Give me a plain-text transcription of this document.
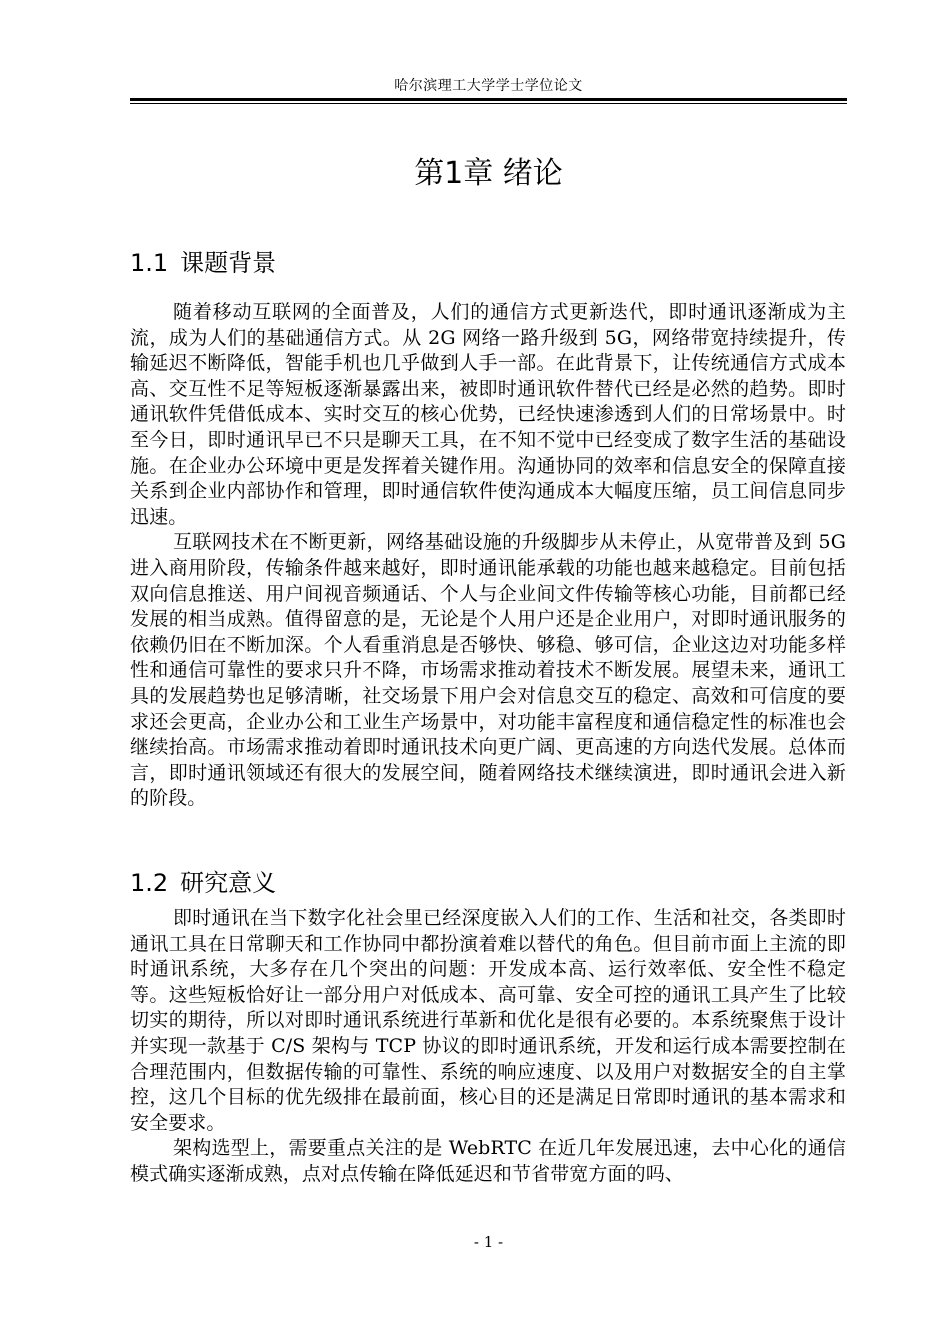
哈尔滨理工大学学士学位论文
第1章 绪论
1.1 课题背景

随着移动互联网的全面普及，人们的通信方式更新迭代，即时通讯逐渐成为主流，成为人们的基础通信方式。从 2G 网络一路升级到 5G，网络带宽持续提升，传输延迟不断降低，智能手机也几乎做到人手一部。在此背景下，让传统通信方式成本高、交互性不足等短板逐渐暴露出来，被即时通讯软件替代已经是必然的趋势。即时通讯软件凭借低成本、实时交互的核心优势，已经快速渗透到人们的日常场景中。时至今日，即时通讯早已不只是聊天工具，在不知不觉中已经变成了数字生活的基础设施。在企业办公环境中更是发挥着关键作用。沟通协同的效率和信息安全的保障直接关系到企业内部协作和管理，即时通信软件使沟通成本大幅度压缩，员工间信息同步迅速。

互联网技术在不断更新，网络基础设施的升级脚步从未停止，从宽带普及到 5G 进入商用阶段，传输条件越来越好，即时通讯能承载的功能也越来越稳定。目前包括双向信息推送、用户间视音频通话、个人与企业间文件传输等核心功能，目前都已经发展的相当成熟。值得留意的是，无论是个人用户还是企业用户，对即时通讯服务的依赖仍旧在不断加深。个人看重消息是否够快、够稳、够可信，企业这边对功能多样性和通信可靠性的要求只升不降，市场需求推动着技术不断发展。展望未来，通讯工具的发展趋势也足够清晰，社交场景下用户会对信息交互的稳定、高效和可信度的要求还会更高，企业办公和工业生产场景中，对功能丰富程度和通信稳定性的标准也会继续抬高。市场需求推动着即时通讯技术向更广阔、更高速的方向迭代发展。总体而言，即时通讯领域还有很大的发展空间，随着网络技术继续演进，即时通讯会进入新的阶段。

1.2 研究意义

即时通讯在当下数字化社会里已经深度嵌入人们的工作、生活和社交，各类即时通讯工具在日常聊天和工作协同中都扮演着难以替代的角色。但目前市面上主流的即时通讯系统，大多存在几个突出的问题：开发成本高、运行效率低、安全性不稳定等。这些短板恰好让一部分用户对低成本、高可靠、安全可控的通讯工具产生了比较切实的期待，所以对即时通讯系统进行革新和优化是很有必要的。本系统聚焦于设计并实现一款基于 C/S 架构与 TCP 协议的即时通讯系统，开发和运行成本需要控制在合理范围内，但数据传输的可靠性、系统的响应速度、以及用户对数据安全的自主掌控，这几个目标的优先级排在最前面，核心目的还是满足日常即时通讯的基本需求和安全要求。

架构选型上，需要重点关注的是 WebRTC 在近几年发展迅速，去中心化的通信模式确实逐渐成熟，点对点传输在降低延迟和节省带宽方面的吗、

- 1 -
